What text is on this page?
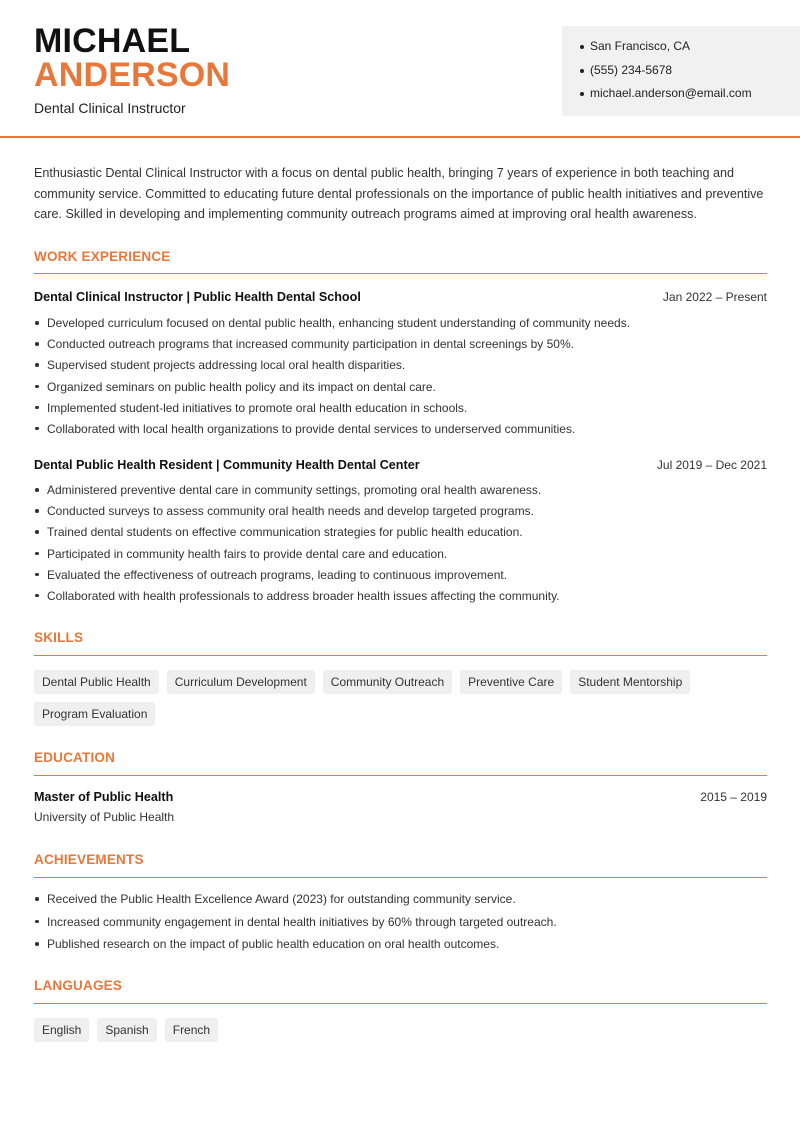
MICHAEL
ANDERSON
Dental Clinical Instructor
San Francisco, CA
(555) 234-5678
michael.anderson@email.com

Enthusiastic Dental Clinical Instructor with a focus on dental public health, bringing 7 years of experience in both teaching and community service. Committed to educating future dental professionals on the importance of public health initiatives and preventive care. Skilled in developing and implementing community outreach programs aimed at improving oral health awareness.

WORK EXPERIENCE
Dental Clinical Instructor | Public Health Dental School	Jan 2022 – Present
Developed curriculum focused on dental public health, enhancing student understanding of community needs.
Conducted outreach programs that increased community participation in dental screenings by 50%.
Supervised student projects addressing local oral health disparities.
Organized seminars on public health policy and its impact on dental care.
Implemented student-led initiatives to promote oral health education in schools.
Collaborated with local health organizations to provide dental services to underserved communities.
Dental Public Health Resident | Community Health Dental Center	Jul 2019 – Dec 2021
Administered preventive dental care in community settings, promoting oral health awareness.
Conducted surveys to assess community oral health needs and develop targeted programs.
Trained dental students on effective communication strategies for public health education.
Participated in community health fairs to provide dental care and education.
Evaluated the effectiveness of outreach programs, leading to continuous improvement.
Collaborated with health professionals to address broader health issues affecting the community.
SKILLS
Dental Public Health	Curriculum Development	Community Outreach	Preventive Care	Student Mentorship
Program Evaluation
EDUCATION
Master of Public Health	2015 – 2019
University of Public Health
ACHIEVEMENTS
Received the Public Health Excellence Award (2023) for outstanding community service.
Increased community engagement in dental health initiatives by 60% through targeted outreach.
Published research on the impact of public health education on oral health outcomes.
LANGUAGES
English	Spanish	French
